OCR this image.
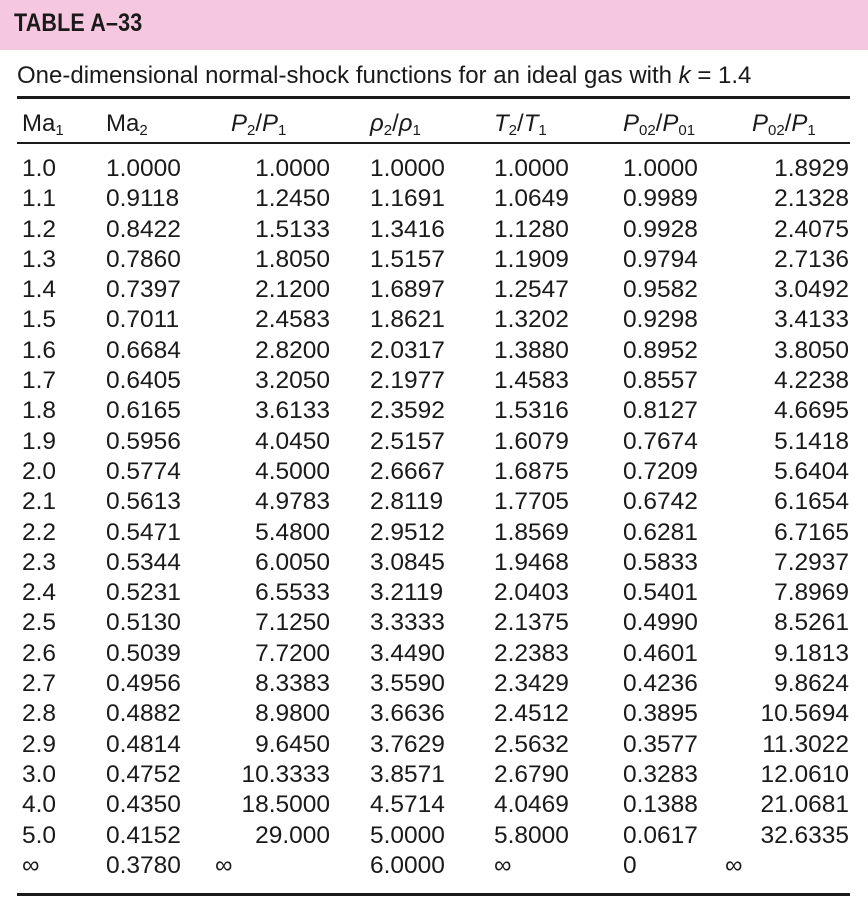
TABLE A–33
One-dimensional normal-shock functions for an ideal gas with k = 1.4
$Ma_1$ $Ma_2$	$P_2/P_1$	$\rho_2/\rho_1$	$T_2/T_1$	$P_{02}/P_{01}$ $P_{02}/P_1$
1.0 1.0000	1.0000 1.0000 1.0000 1.0000	1.8929
1.1 0.9118	1.2450 1.1691 1.0649 0.9989	2.1328
1.2 0.8422	1.5133 1.3416 1.1280 0.9928	2.4075
1.3 0.7860	1.8050 1.5157 1.1909 0.9794	2.7136
1.4 0.7397	2.1200 1.6897 1.2547 0.9582	3.0492
1.5 0.7011	2.4583 1.8621 1.3202 0.9298	3.4133
1.6 0.6684	2.8200 2.0317 1.3880 0.8952	3.8050
1.7 0.6405	3.2050 2.1977 1.4583 0.8557	4.2238
1.8 0.6165	3.6133 2.3592 1.5316 0.8127	4.6695
1.9 0.5956	4.0450 2.5157 1.6079 0.7674	5.1418
2.0 0.5774	4.5000 2.6667 1.6875 0.7209	5.6404
2.1 0.5613	4.9783 2.8119 1.7705 0.6742	6.1654
2.2 0.5471	5.4800 2.9512 1.8569 0.6281	6.7165
2.3 0.5344	6.0050 3.0845 1.9468 0.5833	7.2937
2.4 0.5231	6.5533 3.2119 2.0403 0.5401	7.8969
2.5 0.5130	7.1250 3.3333 2.1375 0.4990	8.5261
2.6 0.5039	7.7200 3.4490 2.2383 0.4601	9.1813
2.7 0.4956	8.3383 3.5590 2.3429 0.4236	9.8624
2.8 0.4882	8.9800 3.6636 2.4512 0.3895	10.5694
2.9 0.4814	9.6450 3.7629 2.5632 0.3577	11.3022
3.0 0.4752	10.3333 3.8571 2.6790 0.3283	12.0610
4.0 0.4350	18.5000 4.5714 4.0469 0.1388	21.0681
5.0 0.4152	29.000 5.0000 5.8000 0.0617	32.6335
∞	0.3780 ∞	6.0000 ∞	0	∞
